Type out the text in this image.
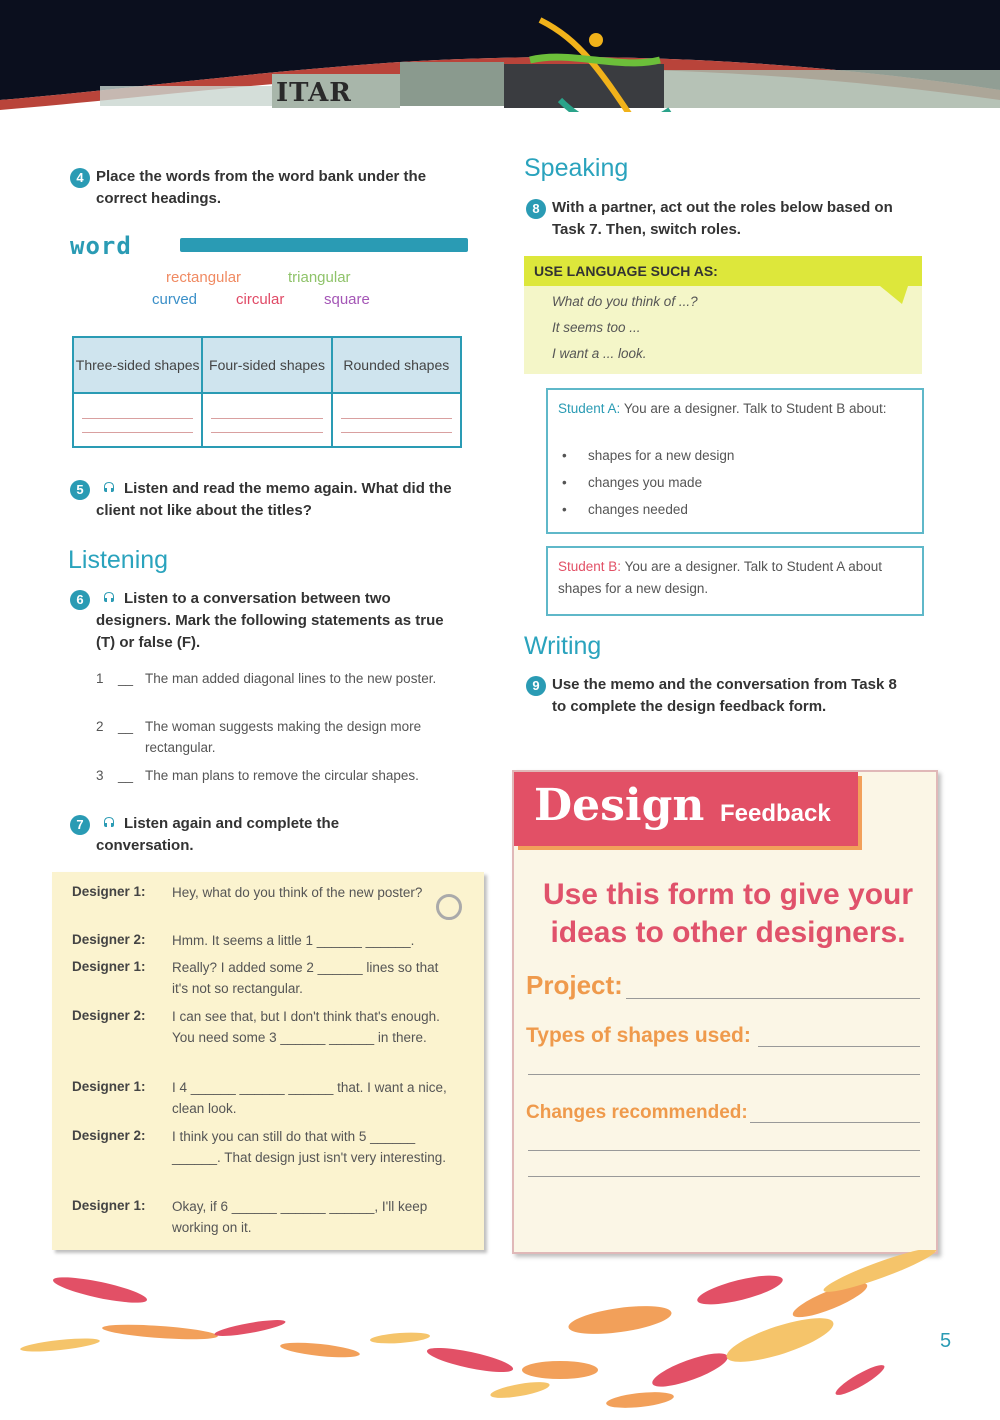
ITAR
4 Place the words from the word bank under the correct headings.
word
rectangular	triangular
curved	circular	square
Three-sided shapes	Four-sided shapes	Rounded shapes

5	Listen and read the memo again. What did the client not like about the titles?
Listening
6	Listen to a conversation between two designers. Mark the following statements as true (T) or false (F).
1 __ The man added diagonal lines to the new poster.
2 __ The woman suggests making the design more rectangular.
3 __ The man plans to remove the circular shapes.
7	Listen again and complete the conversation.
Designer 1: Hey, what do you think of the new poster?
Designer 2: Hmm. It seems a little 1 ______ ______.
Designer 1: Really? I added some 2 ______ lines so that it's not so rectangular.
Designer 2: I can see that, but I don't think that's enough. You need some 3 ______ ______ in there.
Designer 1: I 4 ______ ______ ______ that. I want a nice, clean look.
Designer 2: I think you can still do that with 5 ______ ______. That design just isn't very interesting.
Designer 1: Okay, if 6 ______ ______ ______, I'll keep working on it.
Speaking
8 With a partner, act out the roles below based on Task 7. Then, switch roles.
USE LANGUAGE SUCH AS:
What do you think of ...?
It seems too ...
I want a ... look.
Student A: You are a designer. Talk to Student B about:
• shapes for a new design
• changes you made
• changes needed
Student B: You are a designer. Talk to Student A about shapes for a new design.
Writing
9 Use the memo and the conversation from Task 8 to complete the design feedback form.
Design Feedback
Use this form to give your ideas to other designers.
Project:
Types of shapes used:
Changes recommended:
5
